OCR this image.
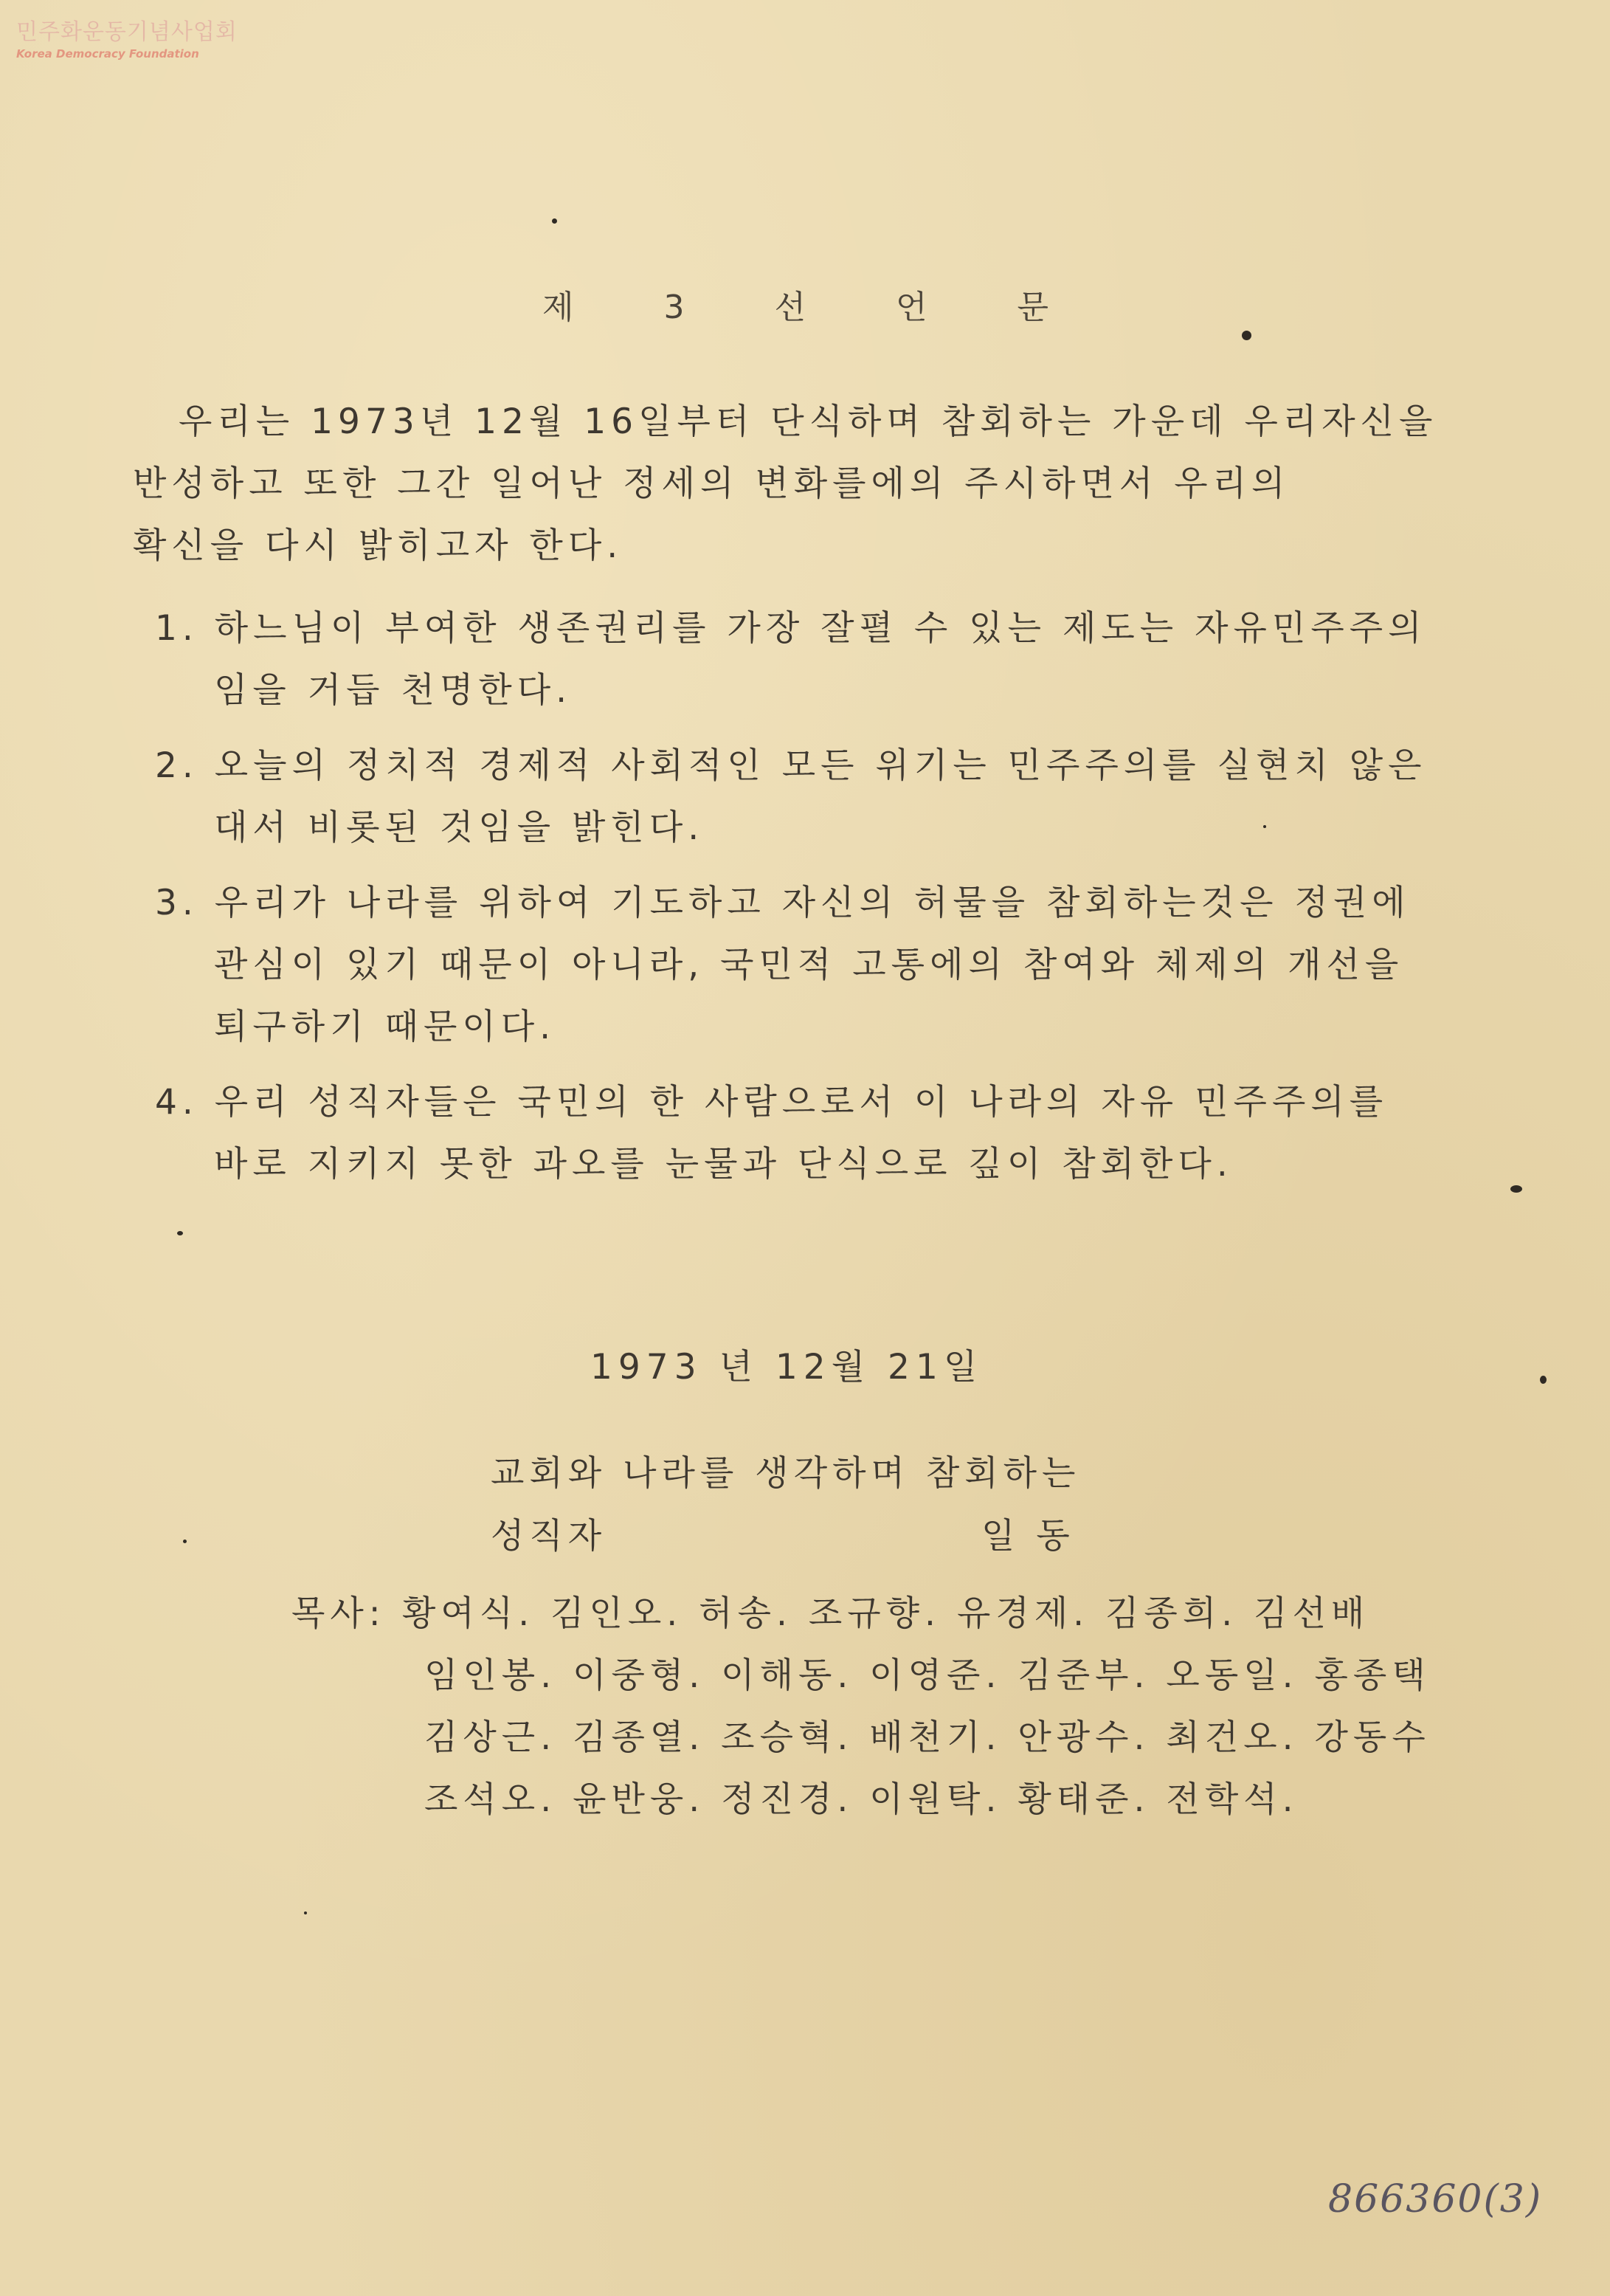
민주화운동기념사업회
Korea Democracy Foundation
제 3 선 언 문
우리는 1973년 12월 16일부터 단식하며 참회하는 가운데 우리자신을
반성하고 또한 그간 일어난 정세의 변화를에의 주시하면서 우리의
확신을 다시 밝히고자 한다.
1. 하느님이 부여한 생존권리를 가장 잘펼 수 있는 제도는 자유민주주의
임을 거듭 천명한다.
2. 오늘의 정치적 경제적 사회적인 모든 위기는 민주주의를 실현치 않은
대서 비롯된 것임을 밝힌다.
3. 우리가 나라를 위하여 기도하고 자신의 허물을 참회하는것은 정권에
관심이 있기 때문이 아니라, 국민적 고통에의 참여와 체제의 개선을
퇴구하기 때문이다.
4. 우리 성직자들은 국민의 한 사람으로서 이 나라의 자유 민주주의를
바로 지키지 못한 과오를 눈물과 단식으로 깊이 참회한다.
1973 년 12월 21일
교회와 나라를 생각하며 참회하는
성직자	일 동
목사: 황여식. 김인오. 허송. 조규향. 유경제. 김종희. 김선배
임인봉. 이중형. 이해동. 이영준. 김준부. 오동일. 홍종택
김상근. 김종열. 조승혁. 배천기. 안광수. 최건오. 강동수
조석오. 윤반웅. 정진경. 이원탁. 황태준. 전학석.
866360(3)
